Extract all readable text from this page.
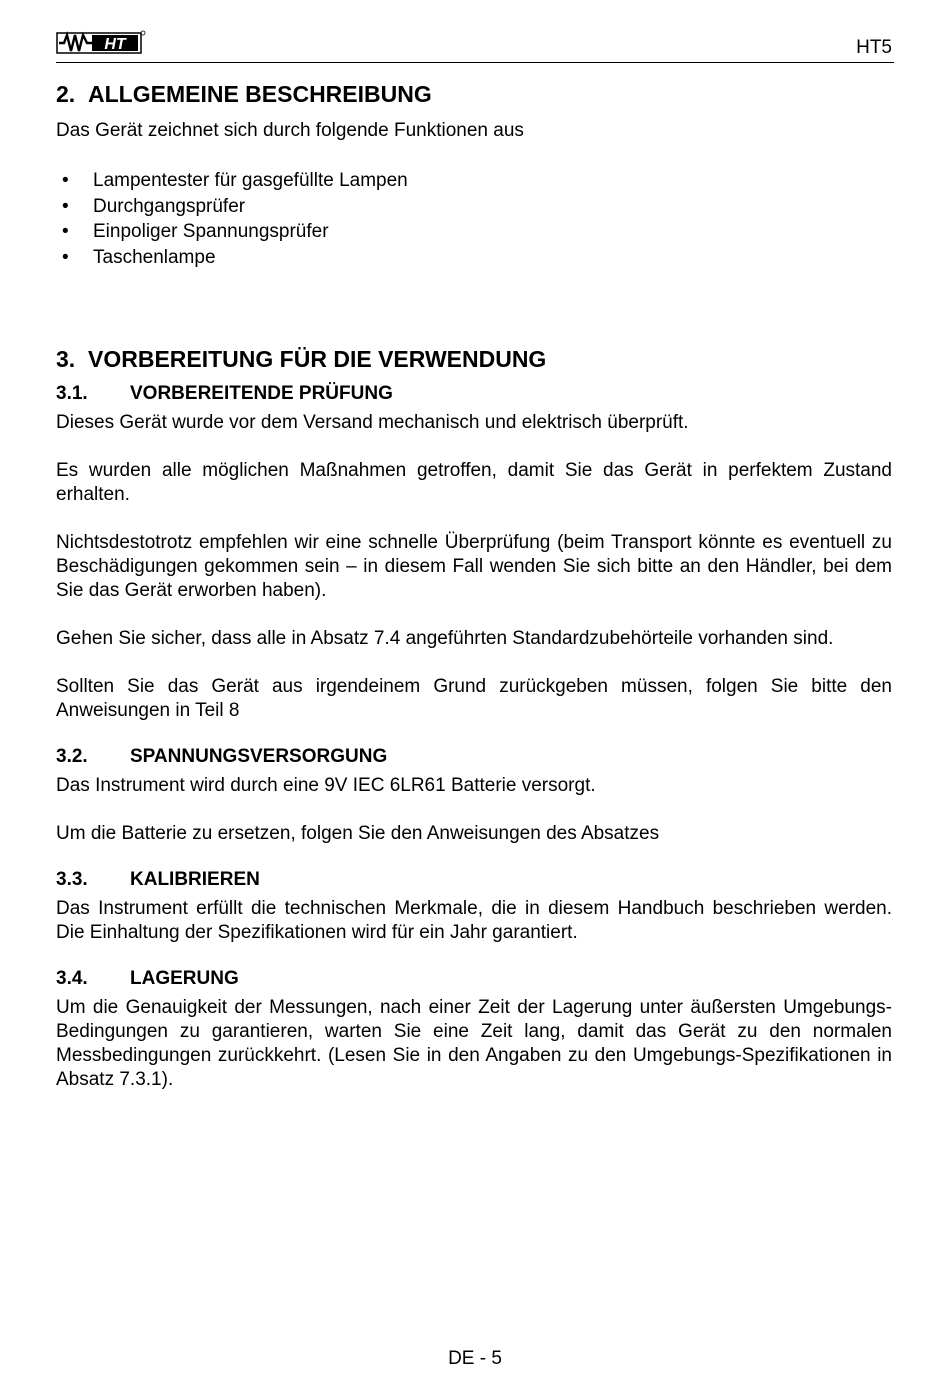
HT	HT5
2. ALLGEMEINE BESCHREIBUNG

Das Gerät zeichnet sich durch folgende Funktionen aus

• Lampentester für gasgefüllte Lampen
• Durchgangsprüfer
• Einpoliger Spannungsprüfer
• Taschenlampe
3. VORBEREITUNG FÜR DIE VERWENDUNG
3.1. VORBEREITENDE PRÜFUNG

Dieses Gerät wurde vor dem Versand mechanisch und elektrisch überprüft.

Es wurden alle möglichen Maßnahmen getroffen, damit Sie das Gerät in perfektem Zustand erhalten.

Nichtsdestotrotz empfehlen wir eine schnelle Überprüfung (beim Transport könnte es eventuell zu Beschädigungen gekommen sein – in diesem Fall wenden Sie sich bitte an den Händler, bei dem Sie das Gerät erworben haben).

Gehen Sie sicher, dass alle in Absatz 7.4 angeführten Standardzubehörteile vorhanden sind.

Sollten Sie das Gerät aus irgendeinem Grund zurückgeben müssen, folgen Sie bitte den Anweisungen in Teil 8

3.2. SPANNUNGSVERSORGUNG

Das Instrument wird durch eine 9V IEC 6LR61 Batterie versorgt.

Um die Batterie zu ersetzen, folgen Sie den Anweisungen des Absatzes

3.3. KALIBRIEREN

Das Instrument erfüllt die technischen Merkmale, die in diesem Handbuch beschrieben werden. Die Einhaltung der Spezifikationen wird für ein Jahr garantiert.

3.4. LAGERUNG

Um die Genauigkeit der Messungen, nach einer Zeit der Lagerung unter äußersten Umgebungs-Bedingungen zu garantieren, warten Sie eine Zeit lang, damit das Gerät zu den normalen Messbedingungen zurückkehrt. (Lesen Sie in den Angaben zu den Umgebungs-Spezifikationen in Absatz 7.3.1).

DE - 5
